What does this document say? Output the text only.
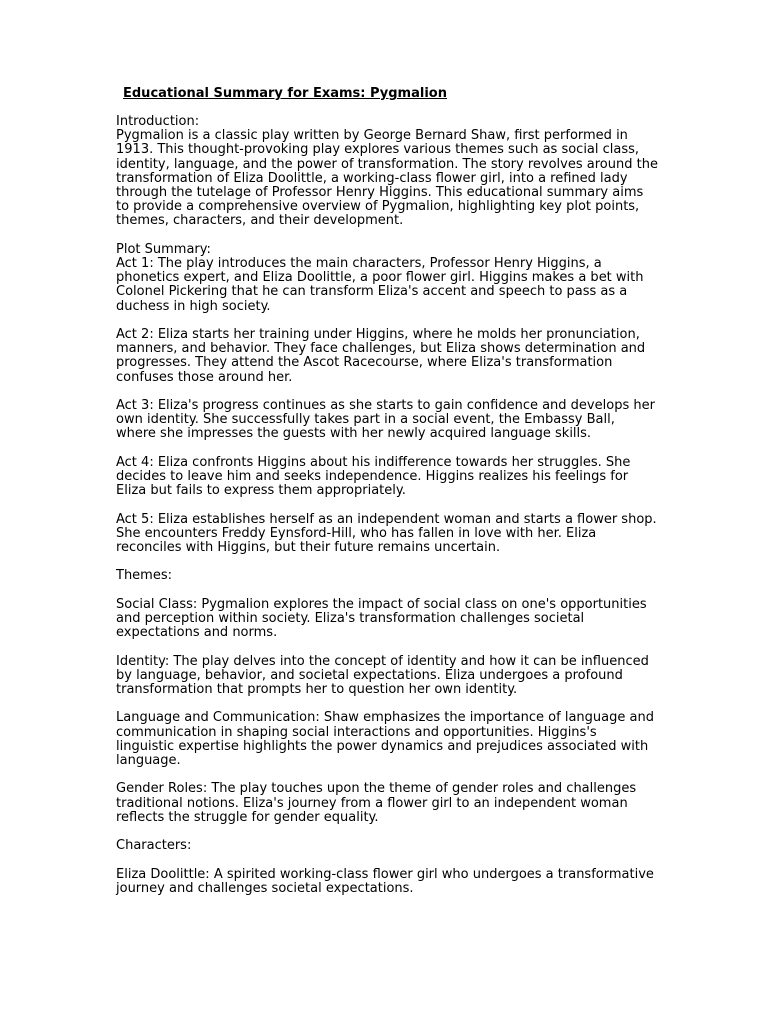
Educational Summary for Exams: Pygmalion

Introduction:

Pygmalion is a classic play written by George Bernard Shaw, first performed in 1913. This thought-provoking play explores various themes such as social class, identity, language, and the power of transformation. The story revolves around the transformation of Eliza Doolittle, a working-class flower girl, into a refined lady through the tutelage of Professor Henry Higgins. This educational summary aims to provide a comprehensive overview of Pygmalion, highlighting key plot points, themes, characters, and their development.

Plot Summary:

Act 1: The play introduces the main characters, Professor Henry Higgins, a phonetics expert, and Eliza Doolittle, a poor flower girl. Higgins makes a bet with Colonel Pickering that he can transform Eliza's accent and speech to pass as a duchess in high society.

Act 2: Eliza starts her training under Higgins, where he molds her pronunciation, manners, and behavior. They face challenges, but Eliza shows determination and progresses. They attend the Ascot Racecourse, where Eliza's transformation confuses those around her.

Act 3: Eliza's progress continues as she starts to gain confidence and develops her own identity. She successfully takes part in a social event, the Embassy Ball, where she impresses the guests with her newly acquired language skills.

Act 4: Eliza confronts Higgins about his indifference towards her struggles. She decides to leave him and seeks independence. Higgins realizes his feelings for Eliza but fails to express them appropriately.

Act 5: Eliza establishes herself as an independent woman and starts a flower shop. She encounters Freddy Eynsford-Hill, who has fallen in love with her. Eliza reconciles with Higgins, but their future remains uncertain.

Themes:

Social Class: Pygmalion explores the impact of social class on one's opportunities and perception within society. Eliza's transformation challenges societal expectations and norms.

Identity: The play delves into the concept of identity and how it can be influenced by language, behavior, and societal expectations. Eliza undergoes a profound transformation that prompts her to question her own identity.

Language and Communication: Shaw emphasizes the importance of language and communication in shaping social interactions and opportunities. Higgins's linguistic expertise highlights the power dynamics and prejudices associated with language.

Gender Roles: The play touches upon the theme of gender roles and challenges traditional notions. Eliza's journey from a flower girl to an independent woman reflects the struggle for gender equality.

Characters:

Eliza Doolittle: A spirited working-class flower girl who undergoes a transformative journey and challenges societal expectations.
